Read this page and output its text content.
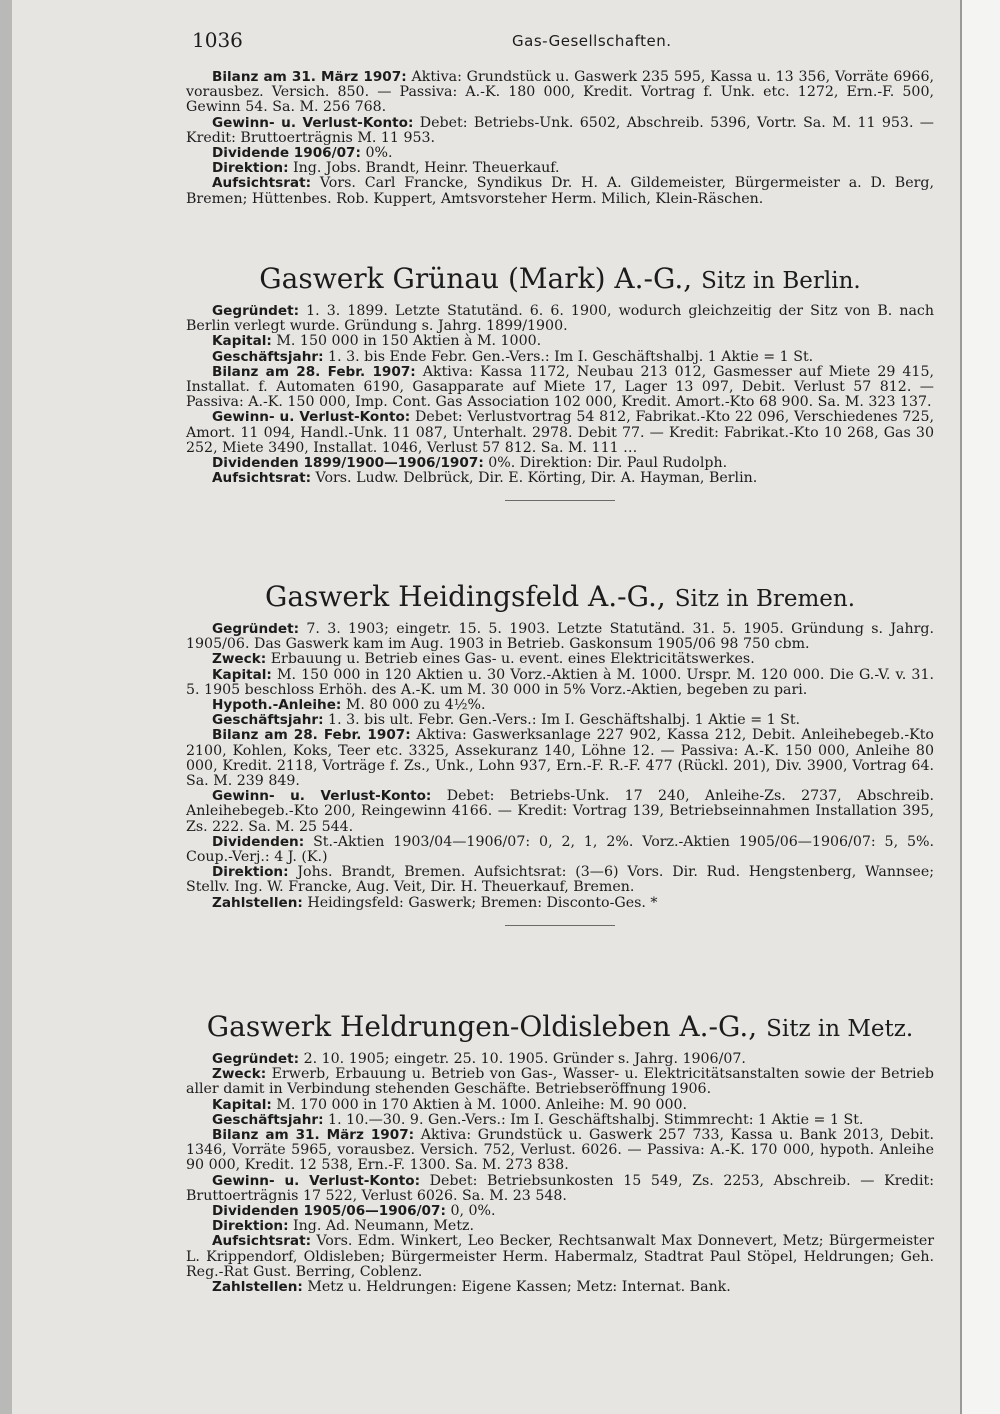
1036	Gas-Gesellschaften.

Bilanz am 31. März 1907: Aktiva: Grundstück u. Gaswerk 235 595, Kassa u. 13 356, Vorräte 6966, vorausbez. Versich. 850. — Passiva: A.-K. 180 000, Kredit. Vortrag f. Unk. etc. 1272, Ern.-F. 500, Gewinn 54. Sa. M. 256 768.

Gewinn- u. Verlust-Konto: Debet: Betriebs-Unk. 6502, Abschreib. 5396, Vortr. Sa. M. 11 953. — Kredit: Bruttoerträgnis M. 11 953.

Dividende 1906/07: 0%.

Direktion: Ing. Jobs. Brandt, Heinr. Theuerkauf.

Aufsichtsrat: Vors. Carl Francke, Syndikus Dr. H. A. Gildemeister, Bürgermeister a. D. Berg, Bremen; Hüttenbes. Rob. Kuppert, Amtsvorsteher Herm. Milich, Klein-Räschen.

Gaswerk Grünau (Mark) A.-G., Sitz in Berlin.

Gegründet: 1. 3. 1899. Letzte Statutänd. 6. 6. 1900, wodurch gleichzeitig der Sitz von B. nach Berlin verlegt wurde. Gründung s. Jahrg. 1899/1900.

Kapital: M. 150 000 in 150 Aktien à M. 1000.

Geschäftsjahr: 1. 3. bis Ende Febr. Gen.-Vers.: Im I. Geschäftshalbj. 1 Aktie = 1 St.

Bilanz am 28. Febr. 1907: Aktiva: Kassa 1172, Neubau 213 012, Gasmesser auf Miete 29 415, Installat. f. Automaten 6190, Gasapparate auf Miete 17, Lager 13 097, Debit. Verlust 57 812. — Passiva: A.-K. 150 000, Imp. Cont. Gas Association 102 000, Kredit. Amort.-Kto 68 900. Sa. M. 323 137.

Gewinn- u. Verlust-Konto: Debet: Verlustvortrag 54 812, Fabrikat.-Kto 22 096, Verschiedenes 725, Amort. 11 094, Handl.-Unk. 11 087, Unterhalt. 2978. Debit 77. — Kredit: Fabrikat.-Kto 10 268, Gas 30 252, Miete 3490, Installat. 1046, Verlust 57 812. Sa. M. 111 …

Dividenden 1899/1900—1906/1907: 0%. Direktion: Dir. Paul Rudolph.

Aufsichtsrat: Vors. Ludw. Delbrück, Dir. E. Körting, Dir. A. Hayman, Berlin.

Gaswerk Heidingsfeld A.-G., Sitz in Bremen.

Gegründet: 7. 3. 1903; eingetr. 15. 5. 1903. Letzte Statutänd. 31. 5. 1905. Gründung s. Jahrg. 1905/06. Das Gaswerk kam im Aug. 1903 in Betrieb. Gaskonsum 1905/06 98 750 cbm.

Zweck: Erbauung u. Betrieb eines Gas- u. event. eines Elektricitätswerkes.

Kapital: M. 150 000 in 120 Aktien u. 30 Vorz.-Aktien à M. 1000. Urspr. M. 120 000. Die G.-V. v. 31. 5. 1905 beschloss Erhöh. des A.-K. um M. 30 000 in 5% Vorz.-Aktien, begeben zu pari.

Hypoth.-Anleihe: M. 80 000 zu 4½%.

Geschäftsjahr: 1. 3. bis ult. Febr. Gen.-Vers.: Im I. Geschäftshalbj. 1 Aktie = 1 St.

Bilanz am 28. Febr. 1907: Aktiva: Gaswerksanlage 227 902, Kassa 212, Debit. Anleihebegeb.-Kto 2100, Kohlen, Koks, Teer etc. 3325, Assekuranz 140, Löhne 12. — Passiva: A.-K. 150 000, Anleihe 80 000, Kredit. 2118, Vorträge f. Zs., Unk., Lohn 937, Ern.-F. R.-F. 477 (Rückl. 201), Div. 3900, Vortrag 64. Sa. M. 239 849.

Gewinn- u. Verlust-Konto: Debet: Betriebs-Unk. 17 240, Anleihe-Zs. 2737, Abschreib. Anleihebegeb.-Kto 200, Reingewinn 4166. — Kredit: Vortrag 139, Betriebseinnahmen Installation 395, Zs. 222. Sa. M. 25 544.

Dividenden: St.-Aktien 1903/04—1906/07: 0, 2, 1, 2%. Vorz.-Aktien 1905/06—1906/07: 5, 5%. Coup.-Verj.: 4 J. (K.)

Direktion: Johs. Brandt, Bremen. Aufsichtsrat: (3—6) Vors. Dir. Rud. Hengstenberg, Wannsee; Stellv. Ing. W. Francke, Aug. Veit, Dir. H. Theuerkauf, Bremen.

Zahlstellen: Heidingsfeld: Gaswerk; Bremen: Disconto-Ges. *

Gaswerk Heldrungen-Oldisleben A.-G., Sitz in Metz.

Gegründet: 2. 10. 1905; eingetr. 25. 10. 1905. Gründer s. Jahrg. 1906/07.

Zweck: Erwerb, Erbauung u. Betrieb von Gas-, Wasser- u. Elektricitätsanstalten sowie der Betrieb aller damit in Verbindung stehenden Geschäfte. Betriebseröffnung 1906.

Kapital: M. 170 000 in 170 Aktien à M. 1000. Anleihe: M. 90 000.

Geschäftsjahr: 1. 10.—30. 9. Gen.-Vers.: Im I. Geschäftshalbj. Stimmrecht: 1 Aktie = 1 St.

Bilanz am 31. März 1907: Aktiva: Grundstück u. Gaswerk 257 733, Kassa u. Bank 2013, Debit. 1346, Vorräte 5965, vorausbez. Versich. 752, Verlust. 6026. — Passiva: A.-K. 170 000, hypoth. Anleihe 90 000, Kredit. 12 538, Ern.-F. 1300. Sa. M. 273 838.

Gewinn- u. Verlust-Konto: Debet: Betriebsunkosten 15 549, Zs. 2253, Abschreib. — Kredit: Bruttoerträgnis 17 522, Verlust 6026. Sa. M. 23 548.

Dividenden 1905/06—1906/07: 0, 0%.

Direktion: Ing. Ad. Neumann, Metz.

Aufsichtsrat: Vors. Edm. Winkert, Leo Becker, Rechtsanwalt Max Donnevert, Metz; Bürgermeister L. Krippendorf, Oldisleben; Bürgermeister Herm. Habermalz, Stadtrat Paul Stöpel, Heldrungen; Geh. Reg.-Rat Gust. Berring, Coblenz.

Zahlstellen: Metz u. Heldrungen: Eigene Kassen; Metz: Internat. Bank.
